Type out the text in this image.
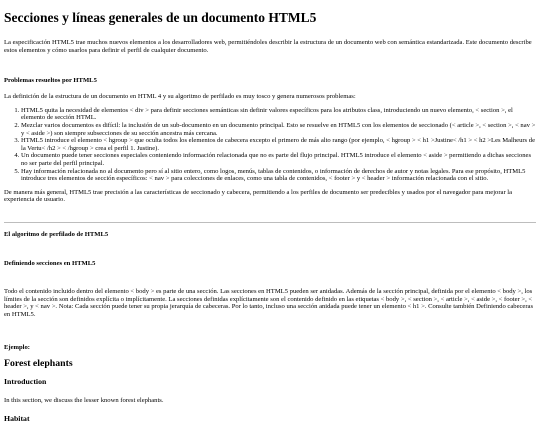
Secciones y líneas generales de un documento HTML5

La especificación HTML5 trae muchos nuevos elementos a los desarrolladores web, permitiéndoles describir la estructura de un documento web con semántica estandarizada. Este documento describe estos elementos y cómo usarlos para definir el perfil de cualquier documento.

Problemas resueltos por HTML5

La definición de la estructura de un documento en HTML 4 y su algoritmo de perfilado es muy tosco y genera numerosos problemas:

1. HTML5 quita la necesidad de elementos < div > para definir secciones semánticas sin definir valores específicos para los atributos class, introduciendo un nuevo elemento, < section >, el elemento de sección HTML.
2. Mezclar varios documentos es difícil: la inclusión de un sub-documento en un documento principal. Esto se resuelve en HTML5 con los elementos de seccionado (< article >, < section >, < nav > y < aside >) son siempre subsecciones de su sección ancestra más cercana.
3. HTML5 introduce el elemento < hgroup > que oculta todos los elementos de cabecera excepto el primero de más alto rango (por ejemplo, < hgroup > < h1 >Justine< /h1 > < h2 >Les Malheurs de la Vertu< /h2 > < /hgroup > crea el perfil 1. Justine).
4. Un documento puede tener secciones especiales conteniendo información relacionada que no es parte del flujo principal. HTML5 introduce el elemento < aside > permitiendo a dichas secciones no ser parte del perfil principal.
5. Hay información relacionada no al documento pero sí al sitio entero, como logos, menús, tablas de contenidos, o información de derechos de autor y notas legales. Para ese propósito, HTML5 introduce tres elementos de sección específicos: < nav > para colecciones de enlaces, como una tabla de contenidos, < footer > y < header > información relacionada con el sitio.

De manera más general, HTML5 trae precisión a las características de seccionado y cabecera, permitiendo a los perfiles de documento ser predecibles y usados por el navegador para mejorar la experiencia de usuario.

El algoritmo de perfilado de HTML5
Definiendo secciones en HTML5

Todo el contenido incluido dentro del elemento < body > es parte de una sección. Las secciones en HTML5 pueden ser anidadas. Además de la sección principal, definida por el elemento < body >, los límites de la sección son definidos explícita o implícitamente. La secciones definidas explícitamente son el contenido definido en las etiquetas < body >, < section >, < article >, < aside >, < footer >, < header >, y < nav >. Nota: Cada sección puede tener su propia jerarquía de cabeceras. Por lo tanto, incluso una sección anidada puede tener un elemento < h1 >. Consulte también Definiendo cabeceras en HTML5.

Ejemplo:
Forest elephants
Introduction

In this section, we discuss the lesser known forest elephants.

Habitat
